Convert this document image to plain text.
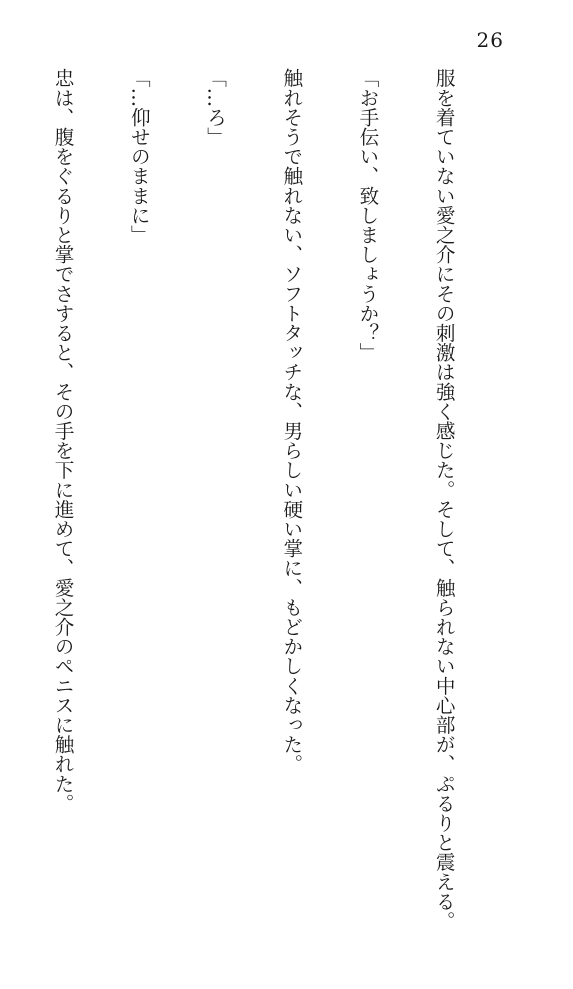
26

服を着ていない愛之介にその刺激は強く感じた。そして、触られない中心部が、ぷるりと震える。

「お手伝い、致しましょうか？」

触れそうで触れない、ソフトタッチな、男らしい硬い掌に、もどかしくなった。

「…ろ」

「…仰せのままに」

忠は、腹をぐるりと掌でさすると、その手を下に進めて、愛之介のペニスに触れた。
